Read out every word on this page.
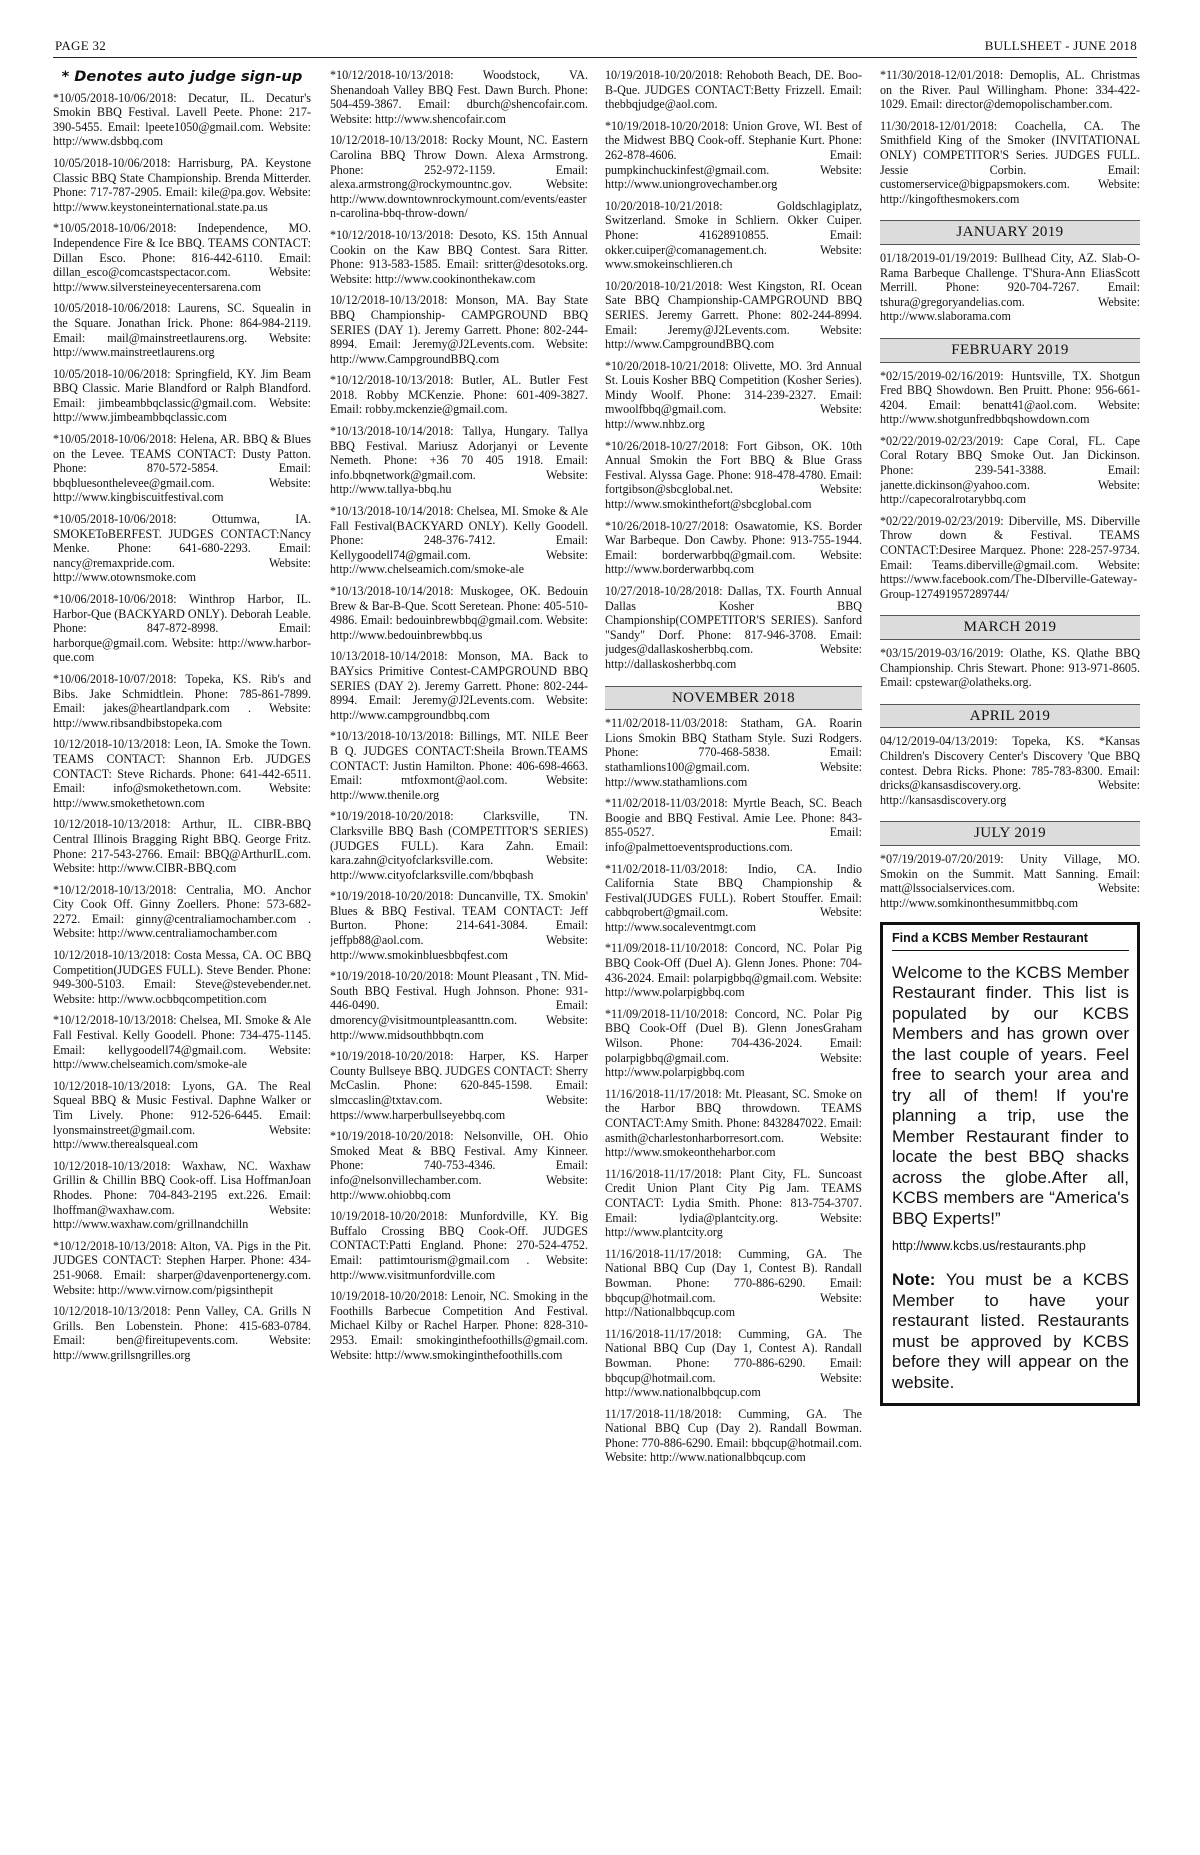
PAGE 32	BULLSHEET - JUNE 2018
* Denotes auto judge sign-up
*10/05/2018-10/06/2018: Decatur, IL. Decatur's Smokin BBQ Festival. Lavell Peete. Phone: 217-390-5455. Email: lpeete1050@gmail.com. Website: http://www.dsbbq.com
10/05/2018-10/06/2018: Harrisburg, PA. Keystone Classic BBQ State Championship. Brenda Mitterder. Phone: 717-787-2905. Email: kile@pa.gov. Website: http://www.keystoneinternational.state.pa.us
*10/05/2018-10/06/2018: Independence, MO. Independence Fire & Ice BBQ. TEAMS CONTACT: Dillan Esco. Phone: 816-442-6110. Email: dillan_esco@comcastspectacor.com. Website: http://www.silversteineyecentersarena.com
10/05/2018-10/06/2018: Laurens, SC. Squealin in the Square. Jonathan Irick. Phone: 864-984-2119. Email: mail@mainstreetlaurens.org. Website: http://www.mainstreetlaurens.org
10/05/2018-10/06/2018: Springfield, KY. Jim Beam BBQ Classic. Marie Blandford or Ralph Blandford. Email: jimbeambbqclassic@gmail.com. Website: http://www.jimbeambbqclassic.com
*10/05/2018-10/06/2018: Helena, AR. BBQ & Blues on the Levee. TEAMS CONTACT: Dusty Patton. Phone: 870-572-5854. Email: bbqbluesonthelevee@gmail.com. Website: http://www.kingbiscuitfestival.com
*10/05/2018-10/06/2018: Ottumwa, IA. SMOKEToBERFEST. JUDGES CONTACT:Nancy Menke. Phone: 641-680-2293. Email: nancy@remaxpride.com. Website: http://www.otownsmoke.com
*10/06/2018-10/06/2018: Winthrop Harbor, IL. Harbor-Que (BACKYARD ONLY). Deborah Leable. Phone: 847-872-8998. Email: harborque@gmail.com. Website: http://www.harbor-que.com
*10/06/2018-10/07/2018: Topeka, KS. Rib's and Bibs. Jake Schmidtlein. Phone: 785-861-7899. Email: jakes@heartlandpark.com . Website: http://www.ribsandbibstopeka.com
10/12/2018-10/13/2018: Leon, IA. Smoke the Town. TEAMS CONTACT: Shannon Erb. JUDGES CONTACT: Steve Richards. Phone: 641-442-6511. Email: info@smokethetown.com. Website: http://www.smokethetown.com
10/12/2018-10/13/2018: Arthur, IL. CIBR-BBQ Central Illinois Bragging Right BBQ. George Fritz. Phone: 217-543-2766. Email: BBQ@ArthurIL.com. Website: http://www.CIBR-BBQ.com
*10/12/2018-10/13/2018: Centralia, MO. Anchor City Cook Off. Ginny Zoellers. Phone: 573-682-2272. Email: ginny@centraliamochamber.com . Website: http://www.centraliamochamber.com
10/12/2018-10/13/2018: Costa Messa, CA. OC BBQ Competition(JUDGES FULL). Steve Bender. Phone: 949-300-5103. Email: Steve@stevebender.net. Website: http://www.ocbbqcompetition.com
*10/12/2018-10/13/2018: Chelsea, MI. Smoke & Ale Fall Festival. Kelly Goodell. Phone: 734-475-1145. Email: kellygoodell74@gmail.com. Website: http://www.chelseamich.com/smoke-ale
10/12/2018-10/13/2018: Lyons, GA. The Real Squeal BBQ & Music Festival. Daphne Walker or Tim Lively. Phone: 912-526-6445. Email: lyonsmainstreet@gmail.com. Website: http://www.therealsqueal.com
10/12/2018-10/13/2018: Waxhaw, NC. Waxhaw Grillin & Chillin BBQ Cook-off. Lisa HoffmanJoan Rhodes. Phone: 704-843-2195 ext.226. Email: lhoffman@waxhaw.com. Website: http://www.waxhaw.com/grillnandchilln
*10/12/2018-10/13/2018: Alton, VA. Pigs in the Pit. JUDGES CONTACT: Stephen Harper. Phone: 434-251-9068. Email: sharper@davenportenergy.com. Website: http://www.virnow.com/pigsinthepit
10/12/2018-10/13/2018: Penn Valley, CA. Grills N Grills. Ben Lobenstein. Phone: 415-683-0784. Email: ben@fireitupevents.com. Website: http://www.grillsngrilles.org
*10/12/2018-10/13/2018: Woodstock, VA. Shenandoah Valley BBQ Fest. Dawn Burch. Phone: 504-459-3867. Email: dburch@shencofair.com. Website: http://www.shencofair.com
10/12/2018-10/13/2018: Rocky Mount, NC. Eastern Carolina BBQ Throw Down. Alexa Armstrong. Phone: 252-972-1159. Email: alexa.armstrong@rockymountnc.gov. Website: http://www.downtownrockymount.com/events/eastern-carolina-bbq-throw-down/
*10/12/2018-10/13/2018: Desoto, KS. 15th Annual Cookin on the Kaw BBQ Contest. Sara Ritter. Phone: 913-583-1585. Email: sritter@desotoks.org. Website: http://www.cookinonthekaw.com
10/12/2018-10/13/2018: Monson, MA. Bay State BBQ Championship- CAMPGROUND BBQ SERIES (DAY 1). Jeremy Garrett. Phone: 802-244-8994. Email: Jeremy@J2Levents.com. Website: http://www.CampgroundBBQ.com
*10/12/2018-10/13/2018: Butler, AL. Butler Fest 2018. Robby MCKenzie. Phone: 601-409-3827. Email: robby.mckenzie@gmail.com.
*10/13/2018-10/14/2018: Tallya, Hungary. Tallya BBQ Festival. Mariusz Adorjanyi or Levente Nemeth. Phone: +36 70 405 1918. Email: info.bbqnetwork@gmail.com. Website: http://www.tallya-bbq.hu
*10/13/2018-10/14/2018: Chelsea, MI. Smoke & Ale Fall Festival(BACKYARD ONLY). Kelly Goodell. Phone: 248-376-7412. Email: Kellygoodell74@gmail.com. Website: http://www.chelseamich.com/smoke-ale
*10/13/2018-10/14/2018: Muskogee, OK. Bedouin Brew & Bar-B-Que. Scott Seretean. Phone: 405-510-4986. Email: bedouinbrewbbq@gmail.com. Website: http://www.bedouinbrewbbq.us
10/13/2018-10/14/2018: Monson, MA. Back to BAYsics Primitive Contest-CAMPGROUND BBQ SERIES (DAY 2). Jeremy Garrett. Phone: 802-244-8994. Email: Jeremy@J2Levents.com. Website: http://www.campgroundbbq.com
*10/13/2018-10/13/2018: Billings, MT. NILE Beer B Q. JUDGES CONTACT:Sheila Brown.TEAMS CONTACT: Justin Hamilton. Phone: 406-698-4663. Email: mtfoxmont@aol.com. Website: http://www.thenile.org
*10/19/2018-10/20/2018: Clarksville, TN. Clarksville BBQ Bash (COMPETITOR'S SERIES)(JUDGES FULL). Kara Zahn. Email: kara.zahn@cityofclarksville.com. Website: http://www.cityofclarksville.com/bbqbash
*10/19/2018-10/20/2018: Duncanville, TX. Smokin' Blues & BBQ Festival. TEAM CONTACT: Jeff Burton. Phone: 214-641-3084. Email: jeffpb88@aol.com. Website: http://www.smokinbluesbbqfest.com
*10/19/2018-10/20/2018: Mount Pleasant , TN. Mid-South BBQ Festival. Hugh Johnson. Phone: 931-446-0490. Email: dmorency@visitmountpleasanttn.com. Website: http://www.midsouthbbqtn.com
*10/19/2018-10/20/2018: Harper, KS. Harper County Bullseye BBQ. JUDGES CONTACT: Sherry McCaslin. Phone: 620-845-1598. Email: slmccaslin@txtav.com. Website: https://www.harperbullseyebbq.com
*10/19/2018-10/20/2018: Nelsonville, OH. Ohio Smoked Meat & BBQ Festival. Amy Kinneer. Phone: 740-753-4346. Email: info@nelsonvillechamber.com. Website: http://www.ohiobbq.com
10/19/2018-10/20/2018: Munfordville, KY. Big Buffalo Crossing BBQ Cook-Off. JUDGES CONTACT:Patti England. Phone: 270-524-4752. Email: pattimtourism@gmail.com . Website: http://www.visitmunfordville.com
10/19/2018-10/20/2018: Lenoir, NC. Smoking in the Foothills Barbecue Competition And Festival. Michael Kilby or Rachel Harper. Phone: 828-310-2953. Email: smokinginthefoothills@gmail.com. Website: http://www.smokinginthefoothills.com
10/19/2018-10/20/2018: Rehoboth Beach, DE. Boo-B-Que. JUDGES CONTACT:Betty Frizzell. Email: thebbqjudge@aol.com.
*10/19/2018-10/20/2018: Union Grove, WI. Best of the Midwest BBQ Cook-off. Stephanie Kurt. Phone: 262-878-4606. Email: pumpkinchuckinfest@gmail.com. Website: http://www.uniongrovechamber.org
10/20/2018-10/21/2018: Goldschlagiplatz, Switzerland. Smoke in Schliern. Okker Cuiper. Phone: 41628910855. Email: okker.cuiper@comanagement.ch. Website: www.smokeinschlieren.ch
10/20/2018-10/21/2018: West Kingston, RI. Ocean Sate BBQ Championship-CAMPGROUND BBQ SERIES. Jeremy Garrett. Phone: 802-244-8994. Email: Jeremy@J2Levents.com. Website: http://www.CampgroundBBQ.com
*10/20/2018-10/21/2018: Olivette, MO. 3rd Annual St. Louis Kosher BBQ Competition (Kosher Series). Mindy Woolf. Phone: 314-239-2327. Email: mwoolfbbq@gmail.com. Website: http://www.nhbz.org
*10/26/2018-10/27/2018: Fort Gibson, OK. 10th Annual Smokin the Fort BBQ & Blue Grass Festival. Alyssa Gage. Phone: 918-478-4780. Email: fortgibson@sbcglobal.net. Website: http://www.smokinthefort@sbcglobal.com
*10/26/2018-10/27/2018: Osawatomie, KS. Border War Barbeque. Don Cawby. Phone: 913-755-1944. Email: borderwarbbq@gmail.com. Website: http://www.borderwarbbq.com
10/27/2018-10/28/2018: Dallas, TX. Fourth Annual Dallas Kosher BBQ Championship(COMPETITOR'S SERIES). Sanford "Sandy" Dorf. Phone: 817-946-3708. Email: judges@dallaskosherbbq.com. Website: http://dallaskosherbbq.com
NOVEMBER 2018
*11/02/2018-11/03/2018: Statham, GA. Roarin Lions Smokin BBQ Statham Style. Suzi Rodgers. Phone: 770-468-5838. Email: stathamlions100@gmail.com. Website: http://www.stathamlions.com
*11/02/2018-11/03/2018: Myrtle Beach, SC. Beach Boogie and BBQ Festival. Amie Lee. Phone: 843-855-0527. Email: info@palmettoeventsproductions.com.
*11/02/2018-11/03/2018: Indio, CA. Indio California State BBQ Championship & Festival(JUDGES FULL). Robert Stouffer. Email: cabbqrobert@gmail.com. Website: http://www.socaleventmgt.com
*11/09/2018-11/10/2018: Concord, NC. Polar Pig BBQ Cook-Off (Duel A). Glenn Jones. Phone: 704-436-2024. Email: polarpigbbq@gmail.com. Website: http://www.polarpigbbq.com
*11/09/2018-11/10/2018: Concord, NC. Polar Pig BBQ Cook-Off (Duel B). Glenn JonesGraham Wilson. Phone: 704-436-2024. Email: polarpigbbq@gmail.com. Website: http://www.polarpigbbq.com
11/16/2018-11/17/2018: Mt. Pleasant, SC. Smoke on the Harbor BBQ throwdown. TEAMS CONTACT:Amy Smith. Phone: 8432847022. Email: asmith@charlestonharborresort.com. Website: http://www.smokeontheharbor.com
11/16/2018-11/17/2018: Plant City, FL. Suncoast Credit Union Plant City Pig Jam. TEAMS CONTACT: Lydia Smith. Phone: 813-754-3707. Email: lydia@plantcity.org. Website: http://www.plantcity.org
11/16/2018-11/17/2018: Cumming, GA. The National BBQ Cup (Day 1, Contest B). Randall Bowman. Phone: 770-886-6290. Email: bbqcup@hotmail.com. Website: http://Nationalbbqcup.com
11/16/2018-11/17/2018: Cumming, GA. The National BBQ Cup (Day 1, Contest A). Randall Bowman. Phone: 770-886-6290. Email: bbqcup@hotmail.com. Website: http://www.nationalbbqcup.com
11/17/2018-11/18/2018: Cumming, GA. The National BBQ Cup (Day 2). Randall Bowman. Phone: 770-886-6290. Email: bbqcup@hotmail.com. Website: http://www.nationalbbqcup.com
*11/30/2018-12/01/2018: Demoplis, AL. Christmas on the River. Paul Willingham. Phone: 334-422-1029. Email: director@demopolischamber.com.
11/30/2018-12/01/2018: Coachella, CA. The Smithfield King of the Smoker (INVITATIONAL ONLY) COMPETITOR'S Series. JUDGES FULL. Jessie Corbin. Email: customerservice@bigpapsmokers.com. Website: http://kingofthesmokers.com
JANUARY 2019
01/18/2019-01/19/2019: Bullhead City, AZ. Slab-O-Rama Barbeque Challenge. T'Shura-Ann EliasScott Merrill. Phone: 920-704-7267. Email: tshura@gregoryandelias.com. Website: http://www.slaborama.com
FEBRUARY 2019
*02/15/2019-02/16/2019: Huntsville, TX. Shotgun Fred BBQ Showdown. Ben Pruitt. Phone: 956-661-4204. Email: benatt41@aol.com. Website: http://www.shotgunfredbbqshowdown.com
*02/22/2019-02/23/2019: Cape Coral, FL. Cape Coral Rotary BBQ Smoke Out. Jan Dickinson. Phone: 239-541-3388. Email: janette.dickinson@yahoo.com. Website: http://capecoralrotarybbq.com
*02/22/2019-02/23/2019: Diberville, MS. Diberville Throw down & Festival. TEAMS CONTACT:Desiree Marquez. Phone: 228-257-9734. Email: Teams.diberville@gmail.com. Website: https://www.facebook.com/The-DIberville-Gateway-Group-127491957289744/
MARCH 2019
*03/15/2019-03/16/2019: Olathe, KS. Qlathe BBQ Championship. Chris Stewart. Phone: 913-971-8605. Email: cpstewar@olatheks.org.
APRIL 2019
04/12/2019-04/13/2019: Topeka, KS. *Kansas Children's Discovery Center's Discovery 'Que BBQ contest. Debra Ricks. Phone: 785-783-8300. Email: dricks@kansasdiscovery.org. Website: http://kansasdiscovery.org
JULY 2019
*07/19/2019-07/20/2019: Unity Village, MO. Smokin on the Summit. Matt Sanning. Email: matt@lssocialservices.com. Website: http://www.somkinonthesummitbbq.com
Find a KCBS Member Restaurant
Welcome to the KCBS Member Restaurant finder. This list is populated by our KCBS Members and has grown over the last couple of years. Feel free to search your area and try all of them! If you're planning a trip, use the Member Restaurant finder to locate the best BBQ shacks across the globe.After all, KCBS members are “America's BBQ Experts!”
http://www.kcbs.us/restaurants.php
Note: You must be a KCBS Member to have your restaurant listed. Restaurants must be approved by KCBS before they will appear on the website.
